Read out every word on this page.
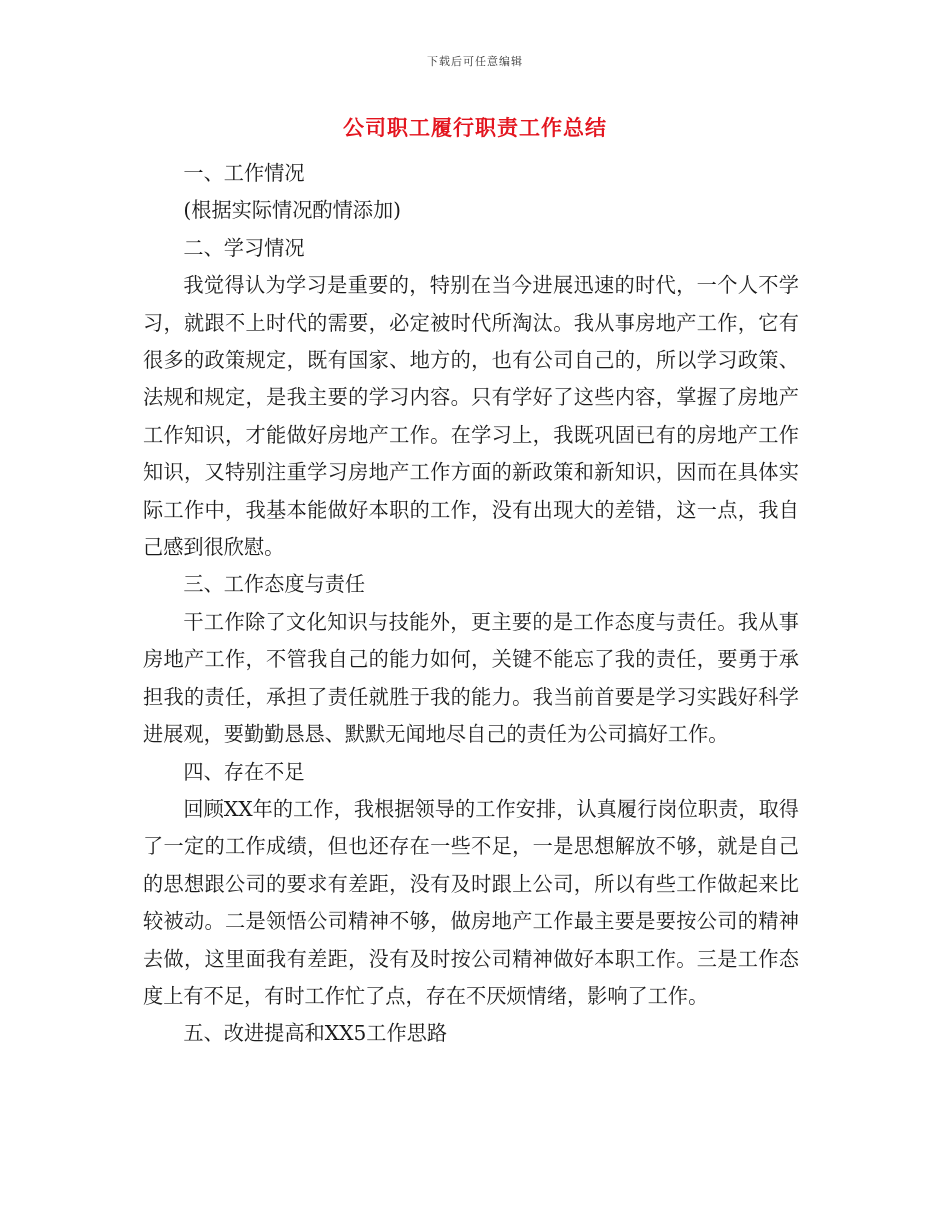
下载后可任意编辑
公司职工履行职责工作总结

一、工作情况

(根据实际情况酌情添加)

二、学习情况

我觉得认为学习是重要的，特别在当今进展迅速的时代，一个人不学习，就跟不上时代的需要，必定被时代所淘汰。我从事房地产工作，它有很多的政策规定，既有国家、地方的，也有公司自己的，所以学习政策、法规和规定，是我主要的学习内容。只有学好了这些内容，掌握了房地产工作知识，才能做好房地产工作。在学习上，我既巩固已有的房地产工作知识，又特别注重学习房地产工作方面的新政策和新知识，因而在具体实际工作中，我基本能做好本职的工作，没有出现大的差错，这一点，我自己感到很欣慰。

三、工作态度与责任

干工作除了文化知识与技能外，更主要的是工作态度与责任。我从事房地产工作，不管我自己的能力如何，关键不能忘了我的责任，要勇于承担我的责任，承担了责任就胜于我的能力。我当前首要是学习实践好科学进展观，要勤勤恳恳、默默无闻地尽自己的责任为公司搞好工作。

四、存在不足

回顾XX年的工作，我根据领导的工作安排，认真履行岗位职责，取得了一定的工作成绩，但也还存在一些不足，一是思想解放不够，就是自己的思想跟公司的要求有差距，没有及时跟上公司，所以有些工作做起来比较被动。二是领悟公司精神不够，做房地产工作最主要是要按公司的精神去做，这里面我有差距，没有及时按公司精神做好本职工作。三是工作态度上有不足，有时工作忙了点，存在不厌烦情绪，影响了工作。

五、改进提高和XX5工作思路
